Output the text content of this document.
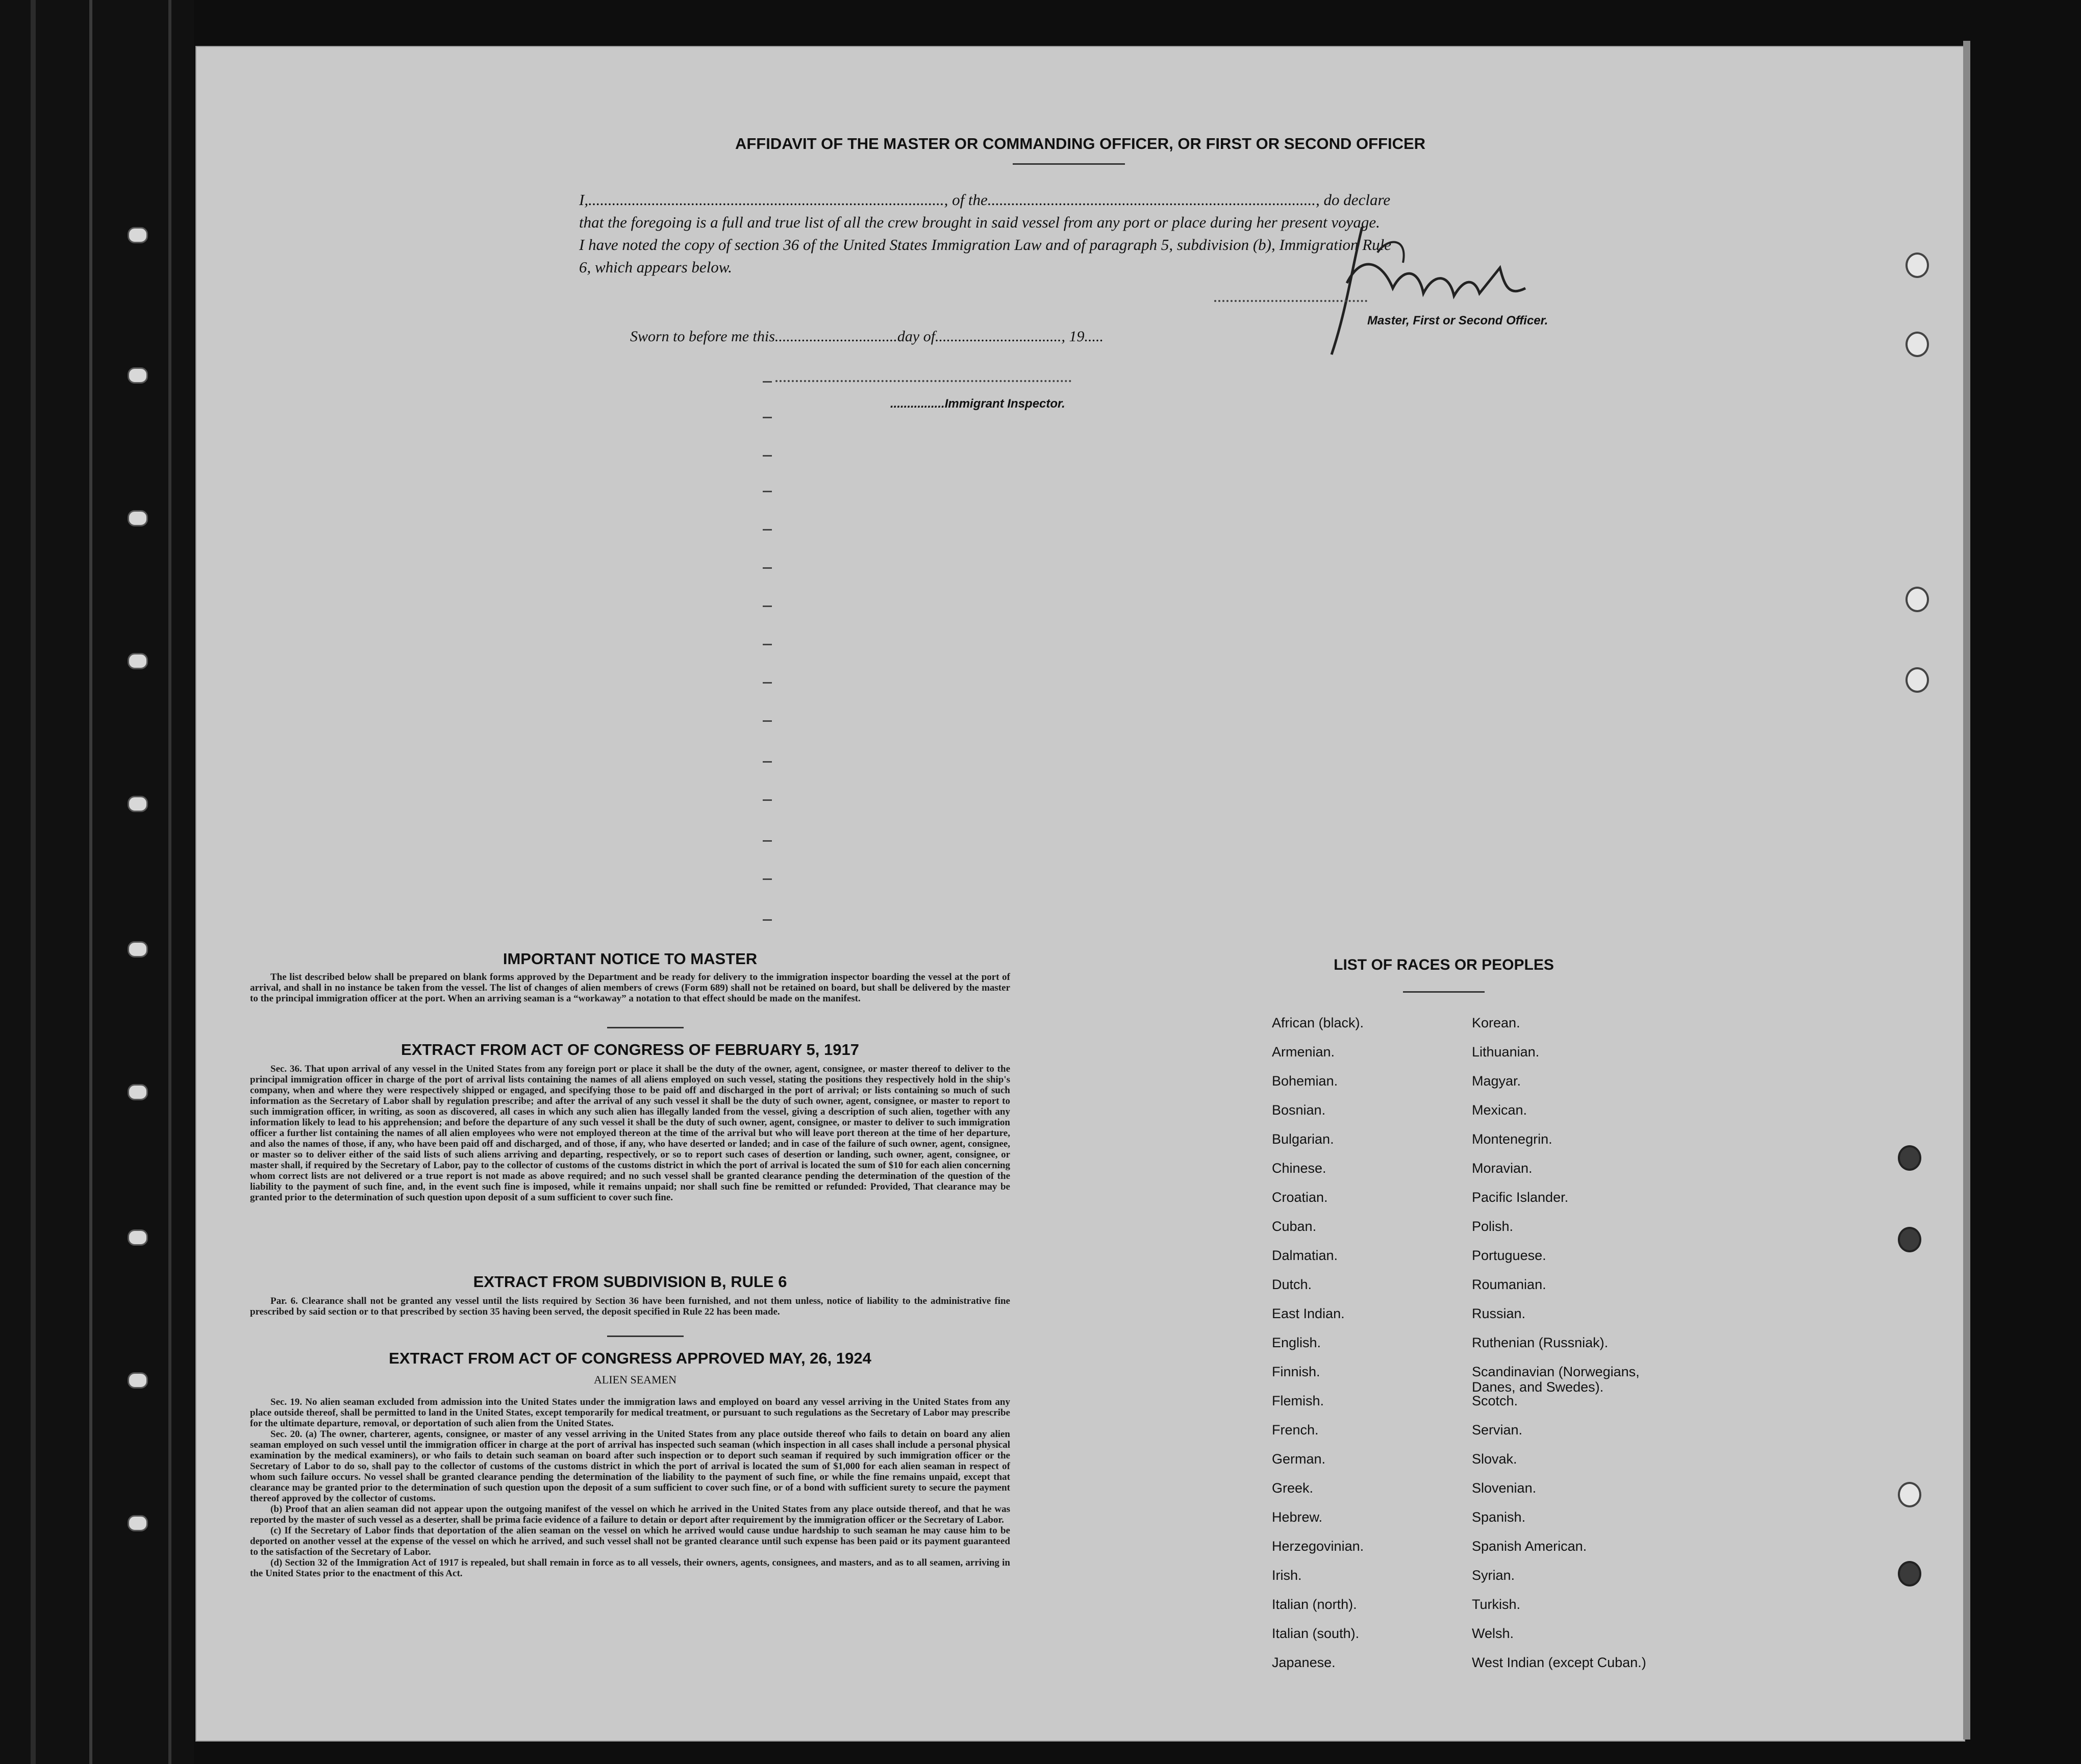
AFFIDAVIT OF THE MASTER OR COMMANDING OFFICER, OR FIRST OR SECOND OFFICER

I,.........................................................................................., of the..................................................................................., do declare

that the foregoing is a full and true list of all the crew brought in said vessel from any port or place during her present voyage.

I have noted the copy of section 36 of the United States Immigration Law and of paragraph 5, subdivision (b), Immigration Rule

6, which appears below.

Master, First or Second Officer.
Sworn to before me this................................day of................................., 19.....
................Immigrant Inspector.
IMPORTANT NOTICE TO MASTER

The list described below shall be prepared on blank forms approved by the Department and be ready for delivery to the immigration inspector boarding the vessel at the port of arrival, and shall in no instance be taken from the vessel. The list of changes of alien members of crews (Form 689) shall not be retained on board, but shall be delivered by the master to the principal immigration officer at the port. When an arriving seaman is a “workaway” a notation to that effect should be made on the manifest.

EXTRACT FROM ACT OF CONGRESS OF FEBRUARY 5, 1917

Sec. 36. That upon arrival of any vessel in the United States from any foreign port or place it shall be the duty of the owner, agent, consignee, or master thereof to deliver to the principal immigration officer in charge of the port of arrival lists containing the names of all aliens employed on such vessel, stating the positions they respectively hold in the ship's company, when and where they were respectively shipped or engaged, and specifying those to be paid off and discharged in the port of arrival; or lists containing so much of such information as the Secretary of Labor shall by regulation prescribe; and after the arrival of any such vessel it shall be the duty of such owner, agent, consignee, or master to report to such immigration officer, in writing, as soon as discovered, all cases in which any such alien has illegally landed from the vessel, giving a description of such alien, together with any information likely to lead to his apprehension; and before the departure of any such vessel it shall be the duty of such owner, agent, consignee, or master to deliver to such immigration officer a further list containing the names of all alien employees who were not employed thereon at the time of the arrival but who will leave port thereon at the time of her departure, and also the names of those, if any, who have been paid off and discharged, and of those, if any, who have deserted or landed; and in case of the failure of such owner, agent, consignee, or master so to deliver either of the said lists of such aliens arriving and departing, respectively, or so to report such cases of desertion or landing, such owner, agent, consignee, or master shall, if required by the Secretary of Labor, pay to the collector of customs of the customs district in which the port of arrival is located the sum of $10 for each alien concerning whom correct lists are not delivered or a true report is not made as above required; and no such vessel shall be granted clearance pending the determination of the question of the liability to the payment of such fine, and, in the event such fine is imposed, while it remains unpaid; nor shall such fine be remitted or refunded: Provided, That clearance may be granted prior to the determination of such question upon deposit of a sum sufficient to cover such fine.

EXTRACT FROM SUBDIVISION B, RULE 6

Par. 6. Clearance shall not be granted any vessel until the lists required by Section 36 have been furnished, and not them unless, notice of liability to the administrative fine prescribed by said section or to that prescribed by section 35 having been served, the deposit specified in Rule 22 has been made.

EXTRACT FROM ACT OF CONGRESS APPROVED MAY, 26, 1924
ALIEN SEAMEN

Sec. 19. No alien seaman excluded from admission into the United States under the immigration laws and employed on board any vessel arriving in the United States from any place outside thereof, shall be permitted to land in the United States, except temporarily for medical treatment, or pursuant to such regulations as the Secretary of Labor may prescribe for the ultimate departure, removal, or deportation of such alien from the United States.

Sec. 20. (a) The owner, charterer, agents, consignee, or master of any vessel arriving in the United States from any place outside thereof who fails to detain on board any alien seaman employed on such vessel until the immigration officer in charge at the port of arrival has inspected such seaman (which inspection in all cases shall include a personal physical examination by the medical examiners), or who fails to detain such seaman on board after such inspection or to deport such seaman if required by such immigration officer or the Secretary of Labor to do so, shall pay to the collector of customs of the customs district in which the port of arrival is located the sum of $1,000 for each alien seaman in respect of whom such failure occurs. No vessel shall be granted clearance pending the determination of the liability to the payment of such fine, or while the fine remains unpaid, except that clearance may be granted prior to the determination of such question upon the deposit of a sum sufficient to cover such fine, or of a bond with sufficient surety to secure the payment thereof approved by the collector of customs.

(b) Proof that an alien seaman did not appear upon the outgoing manifest of the vessel on which he arrived in the United States from any place outside thereof, and that he was reported by the master of such vessel as a deserter, shall be prima facie evidence of a failure to detain or deport after requirement by the immigration officer or the Secretary of Labor.

(c) If the Secretary of Labor finds that deportation of the alien seaman on the vessel on which he arrived would cause undue hardship to such seaman he may cause him to be deported on another vessel at the expense of the vessel on which he arrived, and such vessel shall not be granted clearance until such expense has been paid or its payment guaranteed to the satisfaction of the Secretary of Labor.

(d) Section 32 of the Immigration Act of 1917 is repealed, but shall remain in force as to all vessels, their owners, agents, consignees, and masters, and as to all seamen, arriving in the United States prior to the enactment of this Act.

LIST OF RACES OR PEOPLES
African (black).
Armenian.
Bohemian.
Bosnian.
Bulgarian.
Chinese.
Croatian.
Cuban.
Dalmatian.
Dutch.
East Indian.
English.
Finnish.
Flemish.
French.
German.
Greek.
Hebrew.
Herzegovinian.
Irish.
Italian (north).
Italian (south).
Japanese.
Korean.
Lithuanian.
Magyar.
Mexican.
Montenegrin.
Moravian.
Pacific Islander.
Polish.
Portuguese.
Roumanian.
Russian.
Ruthenian (Russniak).
Scandinavian (Norwegians, Danes, and Swedes).
Scotch.
Servian.
Slovak.
Slovenian.
Spanish.
Spanish American.
Syrian.
Turkish.
Welsh.
West Indian (except Cuban.)
